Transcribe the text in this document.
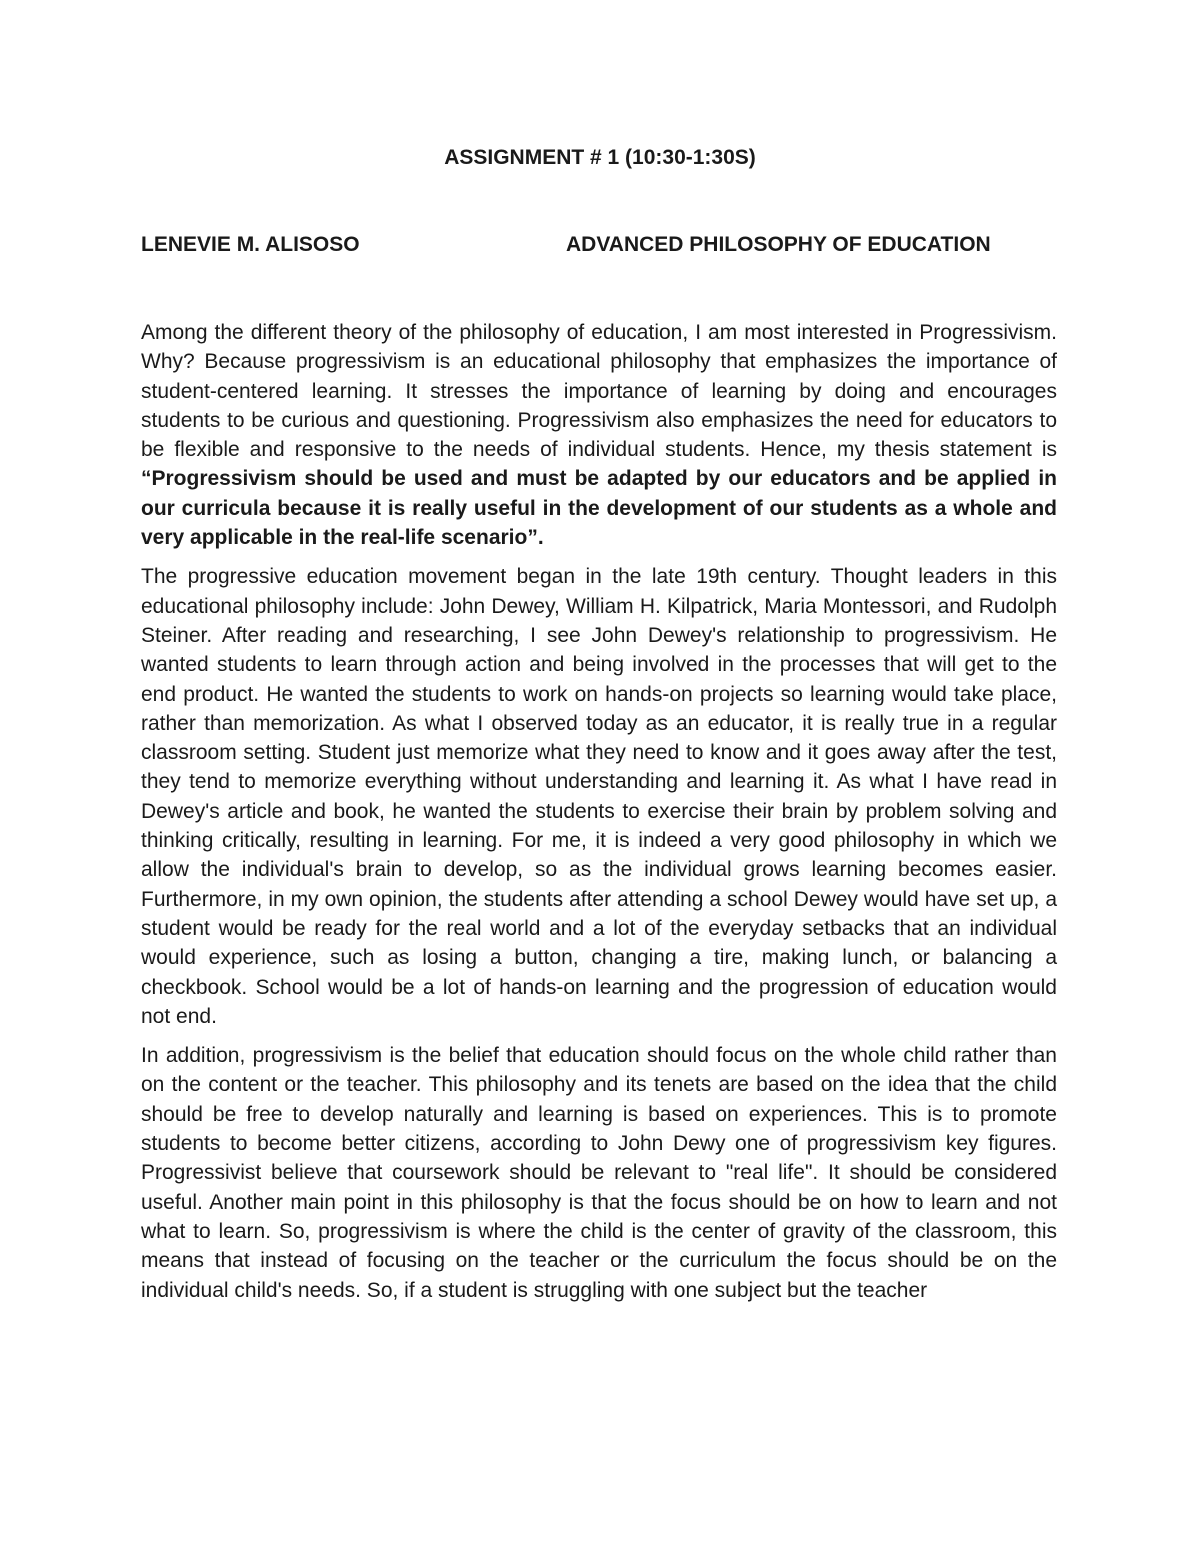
ASSIGNMENT # 1 (10:30-1:30S)
LENEVIE M. ALISOSO	ADVANCED PHILOSOPHY OF EDUCATION

Among the different theory of the philosophy of education, I am most interested in Progressivism. Why? Because progressivism is an educational philosophy that emphasizes the importance of student-centered learning. It stresses the importance of learning by doing and encourages students to be curious and questioning. Progressivism also emphasizes the need for educators to be flexible and responsive to the needs of individual students. Hence, my thesis statement is “Progressivism should be used and must be adapted by our educators and be applied in our curricula because it is really useful in the development of our students as a whole and very applicable in the real-life scenario”.

The progressive education movement began in the late 19th century. Thought leaders in this educational philosophy include: John Dewey, William H. Kilpatrick, Maria Montessori, and Rudolph Steiner. After reading and researching, I see John Dewey's relationship to progressivism. He wanted students to learn through action and being involved in the processes that will get to the end product. He wanted the students to work on hands-on projects so learning would take place, rather than memorization. As what I observed today as an educator, it is really true in a regular classroom setting. Student just memorize what they need to know and it goes away after the test, they tend to memorize everything without understanding and learning it. As what I have read in Dewey's article and book, he wanted the students to exercise their brain by problem solving and thinking critically, resulting in learning. For me, it is indeed a very good philosophy in which we allow the individual's brain to develop, so as the individual grows learning becomes easier. Furthermore, in my own opinion, the students after attending a school Dewey would have set up, a student would be ready for the real world and a lot of the everyday setbacks that an individual would experience, such as losing a button, changing a tire, making lunch, or balancing a checkbook. School would be a lot of hands-on learning and the progression of education would not end.

In addition, progressivism is the belief that education should focus on the whole child rather than on the content or the teacher. This philosophy and its tenets are based on the idea that the child should be free to develop naturally and learning is based on experiences. This is to promote students to become better citizens, according to John Dewy one of progressivism key figures. Progressivist believe that coursework should be relevant to "real life". It should be considered useful. Another main point in this philosophy is that the focus should be on how to learn and not what to learn. So, progressivism is where the child is the center of gravity of the classroom, this means that instead of focusing on the teacher or the curriculum the focus should be on the individual child's needs. So, if a student is struggling with one subject but the teacher
